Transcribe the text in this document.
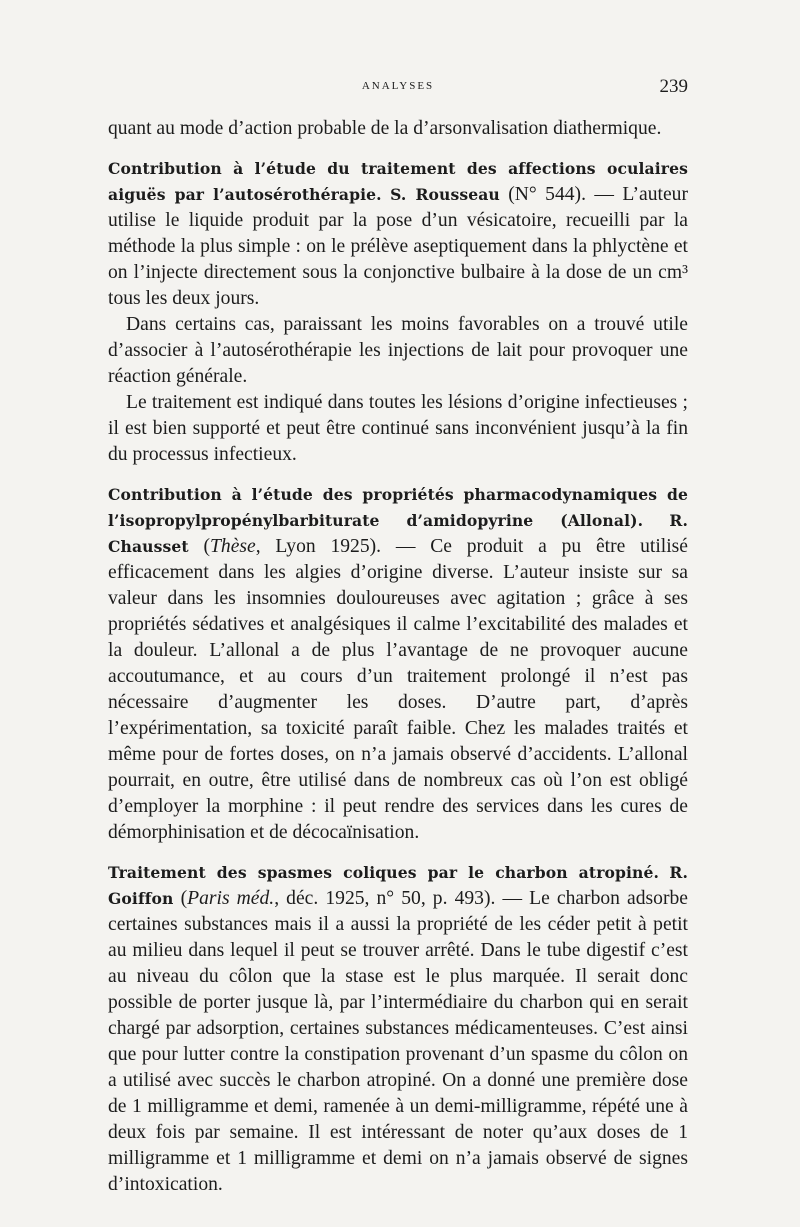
ANALYSES	239

quant au mode d’action probable de la d’arsonvalisation diathermique.

Contribution à l’étude du traitement des affections oculaires aiguës par l’autosérothérapie. S. Rousseau (N° 544). — L’auteur utilise le liquide produit par la pose d’un vésicatoire, recueilli par la méthode la plus simple : on le prélève aseptiquement dans la phlyctène et on l’injecte directement sous la conjonctive bulbaire à la dose de un cm³ tous les deux jours.

Dans certains cas, paraissant les moins favorables on a trouvé utile d’associer à l’autosérothérapie les injections de lait pour provoquer une réaction générale.

Le traitement est indiqué dans toutes les lésions d’origine infectieuses ; il est bien supporté et peut être continué sans inconvénient jusqu’à la fin du processus infectieux.

Contribution à l’étude des propriétés pharmacodynamiques de l’isopropylpropénylbarbiturate d’amidopyrine (Allonal). R. Chausset (Thèse, Lyon 1925). — Ce produit a pu être utilisé efficacement dans les algies d’origine diverse. L’auteur insiste sur sa valeur dans les insomnies douloureuses avec agitation ; grâce à ses propriétés sédatives et analgésiques il calme l’excitabilité des malades et la douleur. L’allonal a de plus l’avantage de ne provoquer aucune accoutumance, et au cours d’un traitement prolongé il n’est pas nécessaire d’augmenter les doses. D’autre part, d’après l’expérimentation, sa toxicité paraît faible. Chez les malades traités et même pour de fortes doses, on n’a jamais observé d’accidents. L’allonal pourrait, en outre, être utilisé dans de nombreux cas où l’on est obligé d’employer la morphine : il peut rendre des services dans les cures de démorphinisation et de décocaïnisation.

Traitement des spasmes coliques par le charbon atropiné. R. Goiffon (Paris méd., déc. 1925, n° 50, p. 493). — Le charbon adsorbe certaines substances mais il a aussi la propriété de les céder petit à petit au milieu dans lequel il peut se trouver arrêté. Dans le tube digestif c’est au niveau du côlon que la stase est le plus marquée. Il serait donc possible de porter jusque là, par l’intermédiaire du charbon qui en serait chargé par adsorption, certaines substances médicamenteuses. C’est ainsi que pour lutter contre la constipation provenant d’un spasme du côlon on a utilisé avec succès le charbon atropiné. On a donné une première dose de 1 milligramme et demi, ramenée à un demi-milligramme, répété une à deux fois par semaine. Il est intéressant de noter qu’aux doses de 1 milligramme et 1 milligramme et demi on n’a jamais observé de signes d’intoxication.
